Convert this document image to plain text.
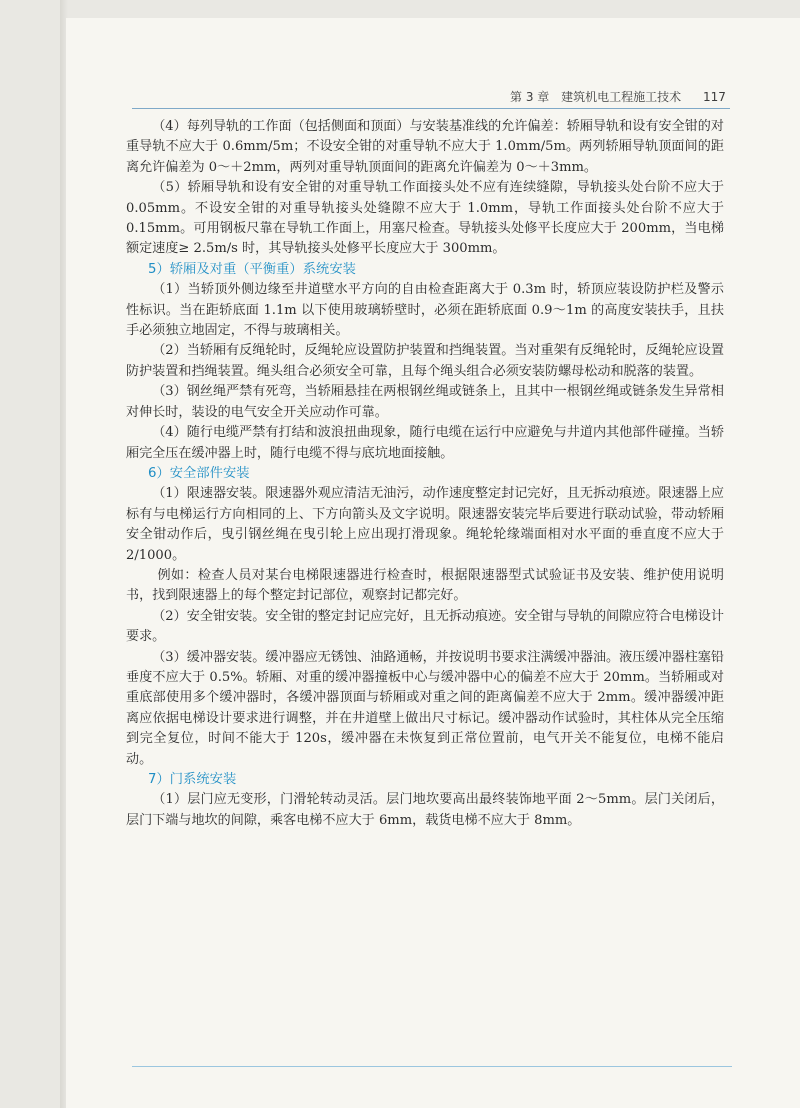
第 3 章 建筑机电工程施工技术 117

（4）每列导轨的工作面（包括侧面和顶面）与安装基准线的允许偏差：轿厢导轨和设有安全钳的对重导轨不应大于 0.6mm/5m；不设安全钳的对重导轨不应大于 1.0mm/5m。两列轿厢导轨顶面间的距离允许偏差为 0～＋2mm，两列对重导轨顶面间的距离允许偏差为 0～＋3mm。

（5）轿厢导轨和设有安全钳的对重导轨工作面接头处不应有连续缝隙，导轨接头处台阶不应大于 0.05mm。不设安全钳的对重导轨接头处缝隙不应大于 1.0mm，导轨工作面接头处台阶不应大于 0.15mm。可用钢板尺靠在导轨工作面上，用塞尺检查。导轨接头处修平长度应大于 200mm，当电梯额定速度≥ 2.5m/s 时，其导轨接头处修平长度应大于 300mm。

5）轿厢及对重（平衡重）系统安装

（1）当轿顶外侧边缘至井道壁水平方向的自由检查距离大于 0.3m 时，轿顶应装设防护栏及警示性标识。当在距轿底面 1.1m 以下使用玻璃轿壁时，必须在距轿底面 0.9～1m 的高度安装扶手，且扶手必须独立地固定，不得与玻璃相关。

（2）当轿厢有反绳轮时，反绳轮应设置防护装置和挡绳装置。当对重架有反绳轮时，反绳轮应设置防护装置和挡绳装置。绳头组合必须安全可靠，且每个绳头组合必须安装防螺母松动和脱落的装置。

（3）钢丝绳严禁有死弯，当轿厢悬挂在两根钢丝绳或链条上，且其中一根钢丝绳或链条发生异常相对伸长时，装设的电气安全开关应动作可靠。

（4）随行电缆严禁有打结和波浪扭曲现象，随行电缆在运行中应避免与井道内其他部件碰撞。当轿厢完全压在缓冲器上时，随行电缆不得与底坑地面接触。

6）安全部件安装

（1）限速器安装。限速器外观应清洁无油污，动作速度整定封记完好，且无拆动痕迹。限速器上应标有与电梯运行方向相同的上、下方向箭头及文字说明。限速器安装完毕后要进行联动试验，带动轿厢安全钳动作后，曳引钢丝绳在曳引轮上应出现打滑现象。绳轮轮缘端面相对水平面的垂直度不应大于 2/1000。

例如：检查人员对某台电梯限速器进行检查时，根据限速器型式试验证书及安装、维护使用说明书，找到限速器上的每个整定封记部位，观察封记都完好。

（2）安全钳安装。安全钳的整定封记应完好，且无拆动痕迹。安全钳与导轨的间隙应符合电梯设计要求。

（3）缓冲器安装。缓冲器应无锈蚀、油路通畅，并按说明书要求注满缓冲器油。液压缓冲器柱塞铅垂度不应大于 0.5%。轿厢、对重的缓冲器撞板中心与缓冲器中心的偏差不应大于 20mm。当轿厢或对重底部使用多个缓冲器时，各缓冲器顶面与轿厢或对重之间的距离偏差不应大于 2mm。缓冲器缓冲距离应依据电梯设计要求进行调整，并在井道壁上做出尺寸标记。缓冲器动作试验时，其柱体从完全压缩到完全复位，时间不能大于 120s，缓冲器在未恢复到正常位置前，电气开关不能复位，电梯不能启动。

7）门系统安装

（1）层门应无变形，门滑轮转动灵活。层门地坎要高出最终装饰地平面 2～5mm。层门关闭后，层门下端与地坎的间隙，乘客电梯不应大于 6mm，载货电梯不应大于 8mm。
